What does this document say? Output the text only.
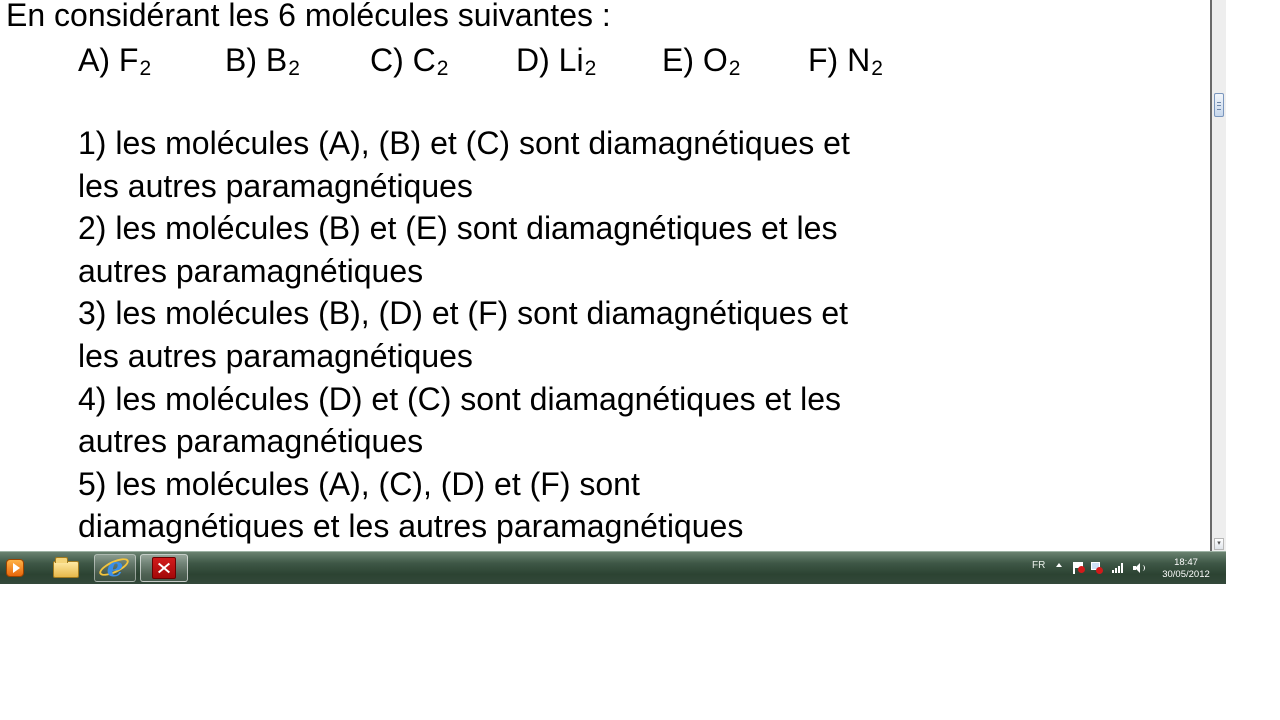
En considérant les 6 molécules suivantes :
A) $F_2$ B) $B_2$ C) $C_2$ D) $Li_2$ E) $O_2$ F) $N_2$
1) les molécules (A), (B) et (C) sont diamagnétiques et
les autres paramagnétiques
2) les molécules (B) et (E) sont diamagnétiques et les
autres paramagnétiques
3) les molécules (B), (D) et (F) sont diamagnétiques et
les autres paramagnétiques
4) les molécules (D) et (C) sont diamagnétiques et les
autres paramagnétiques
5) les molécules (A), (C), (D) et (F) sont
diamagnétiques et les autres paramagnétiques	▾
e	FR	18:47
30/05/2012
